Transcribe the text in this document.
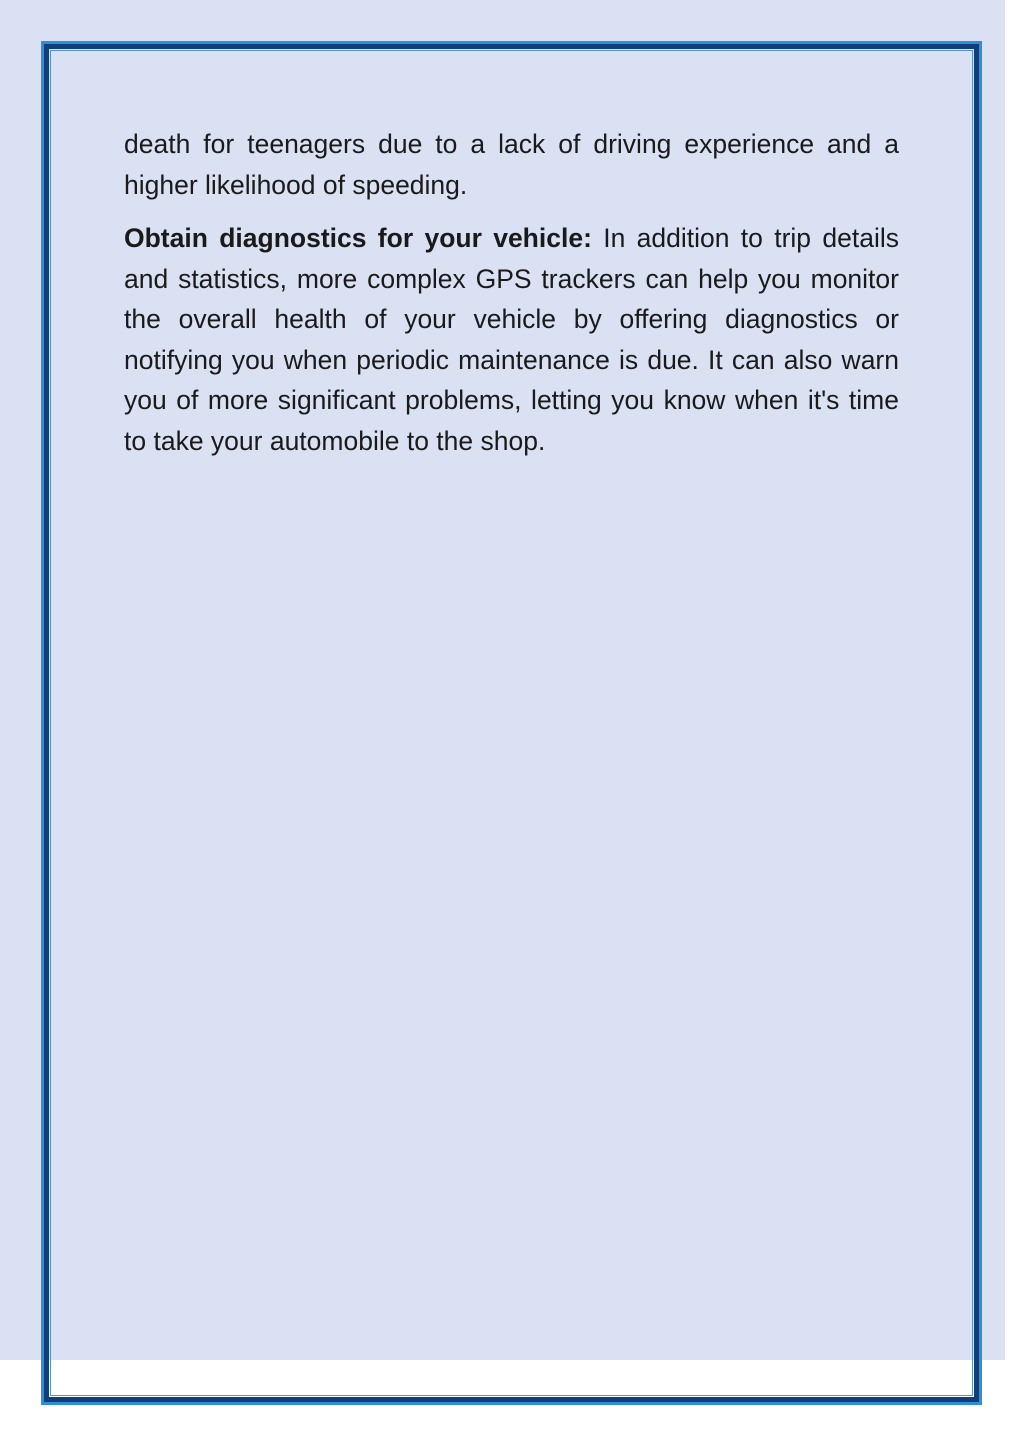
death for teenagers due to a lack of driving experience and a higher likelihood of speeding.

Obtain diagnostics for your vehicle: In addition to trip details and statistics, more complex GPS trackers can help you monitor the overall health of your vehicle by offering diagnostics or notifying you when periodic maintenance is due. It can also warn you of more significant problems, letting you know when it's time to take your automobile to the shop.
